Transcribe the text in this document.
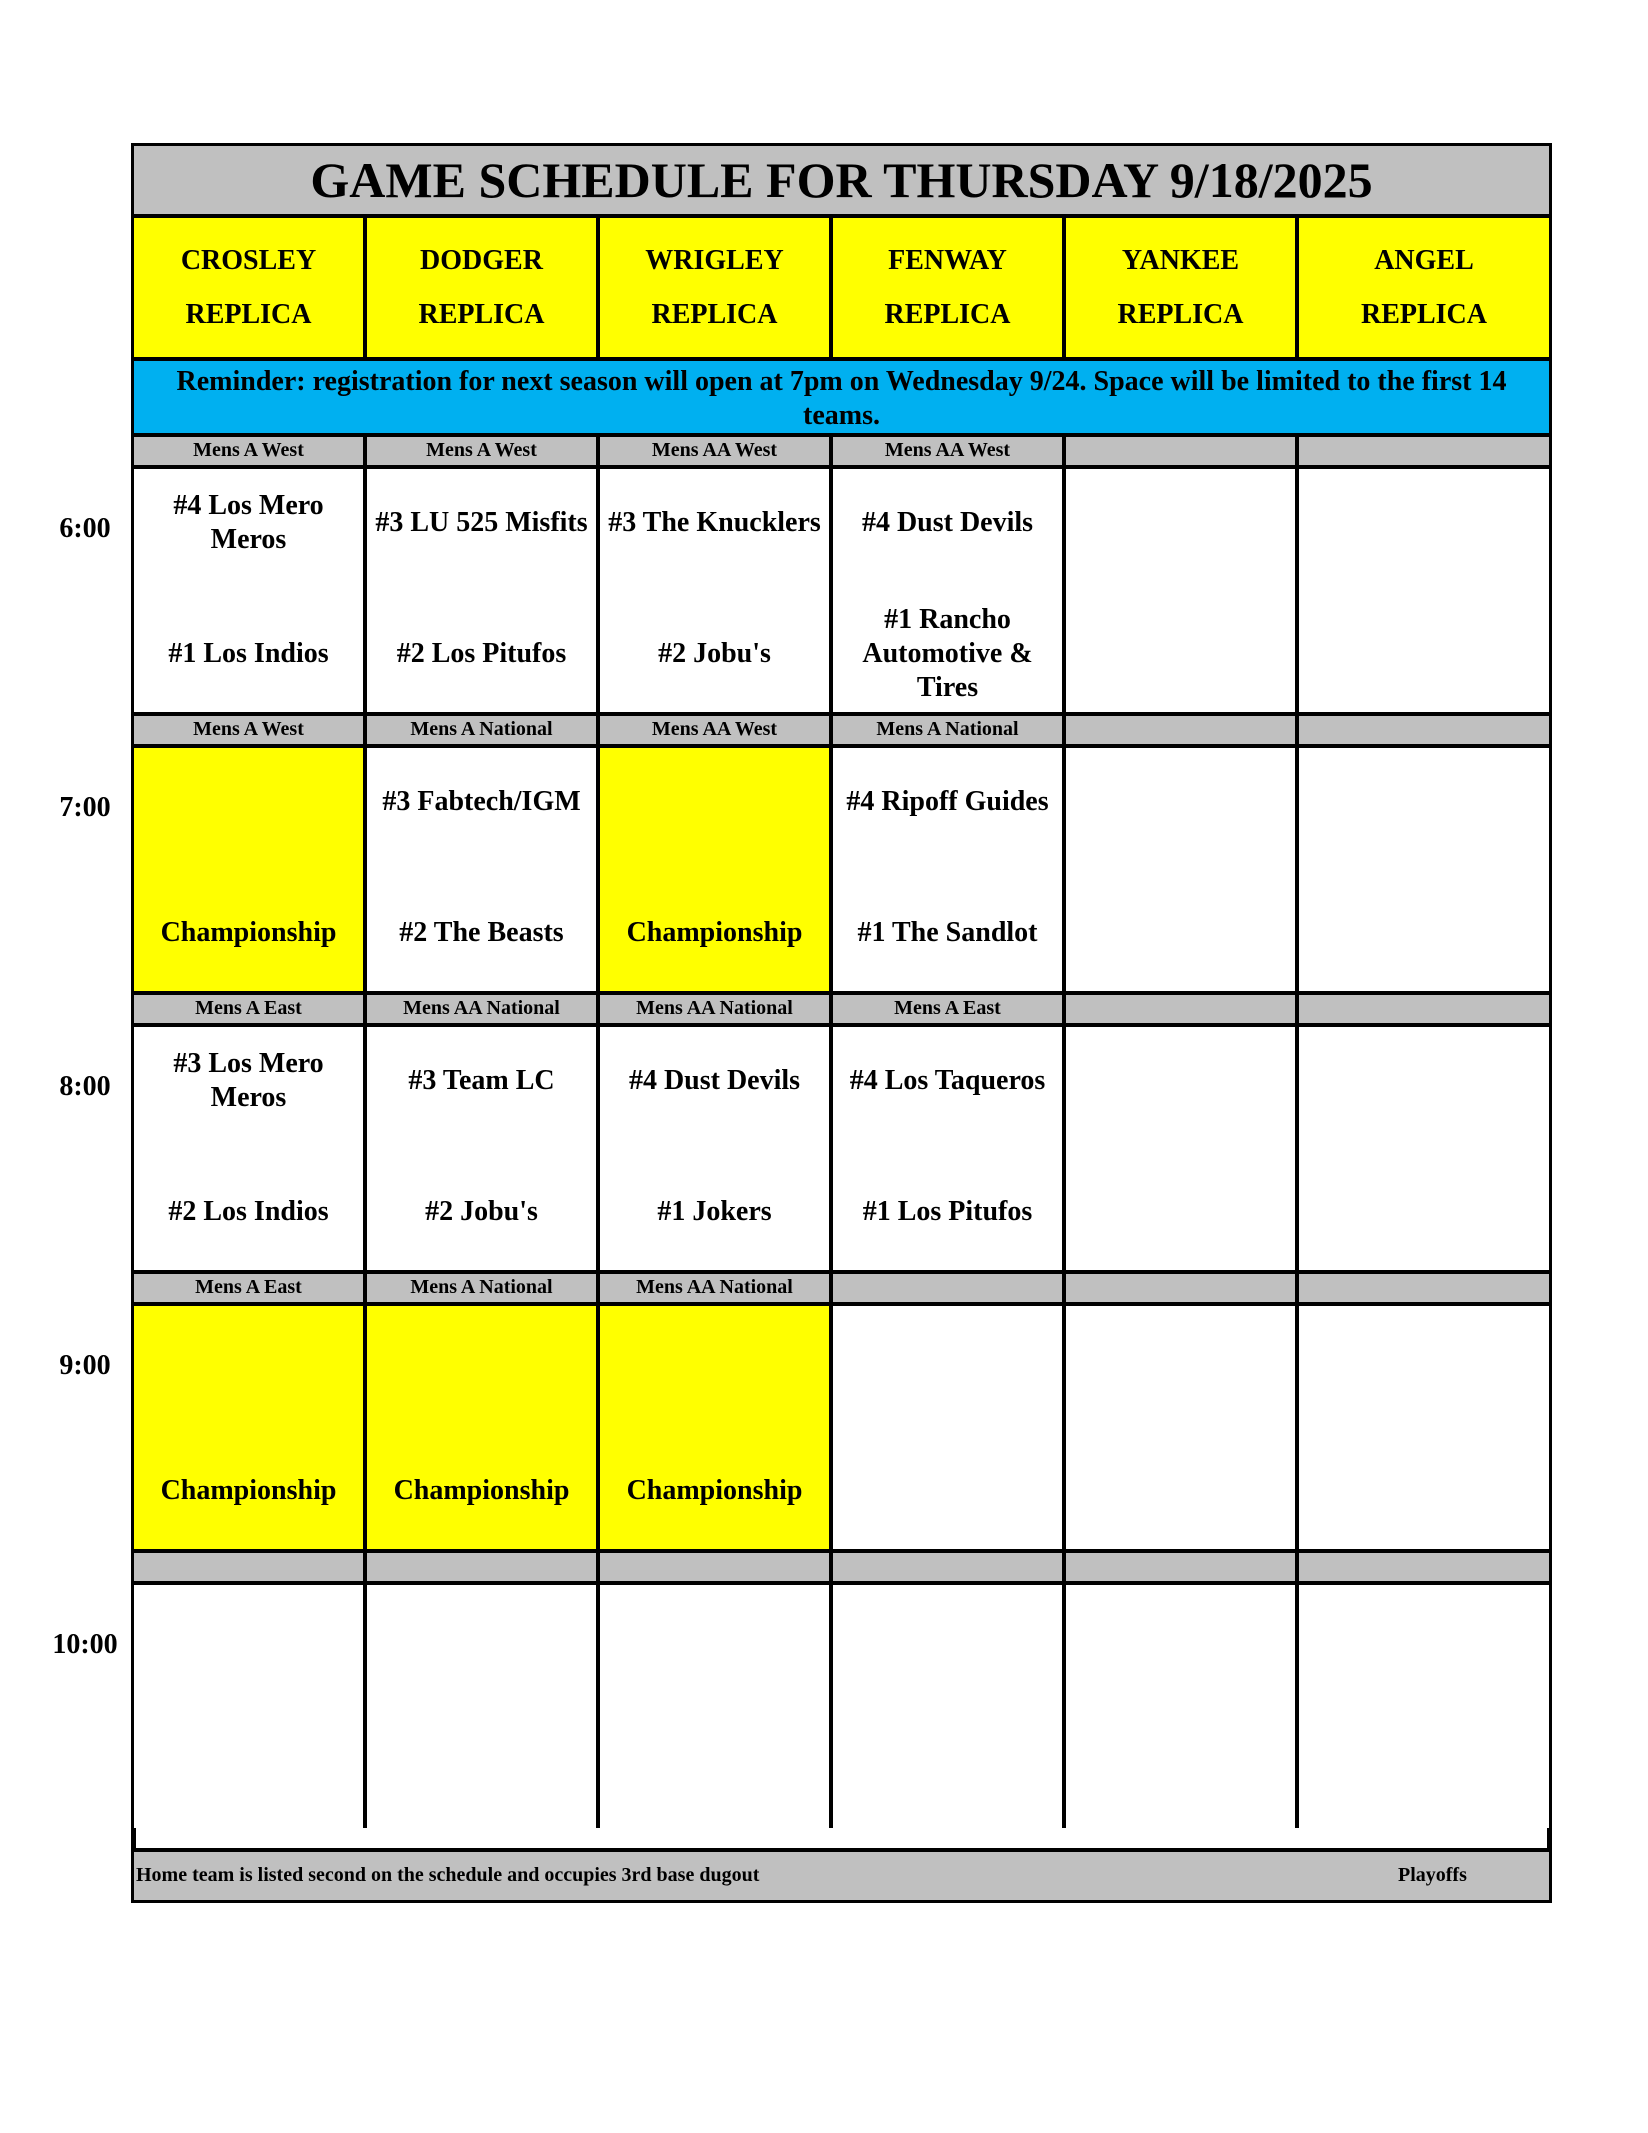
GAME SCHEDULE FOR THURSDAY 9/18/2025
CROSLEY
REPLICA
DODGER
REPLICA
WRIGLEY
REPLICA
FENWAY
REPLICA
YANKEE
REPLICA
ANGEL
REPLICA
Reminder: registration for next season will open at 7pm on Wednesday 9/24. Space will be limited to the first 14 teams.
6:00
Mens A West
#4 Los Mero Meros
#1 Los Indios
Mens A West
#3 LU 525 Misfits
#2 Los Pitufos
Mens AA West
#3 The Knucklers
#2 Jobu's
Mens AA West
#4 Dust Devils
#1 Rancho Automotive & Tires
7:00
Mens A West
Championship
Mens A National
#3 Fabtech/IGM
#2 The Beasts
Mens AA West
Championship
Mens A National
#4 Ripoff Guides
#1 The Sandlot
8:00
Mens A East
#3 Los Mero Meros
#2 Los Indios
Mens AA National
#3 Team LC
#2 Jobu's
Mens AA National
#4 Dust Devils
#1 Jokers
Mens A East
#4 Los Taqueros
#1 Los Pitufos
9:00
Mens A East
Championship
Mens A National
Championship
Mens AA National
Championship
10:00
Home team is listed second on the schedule and occupies 3rd base dugout	Playoffs
